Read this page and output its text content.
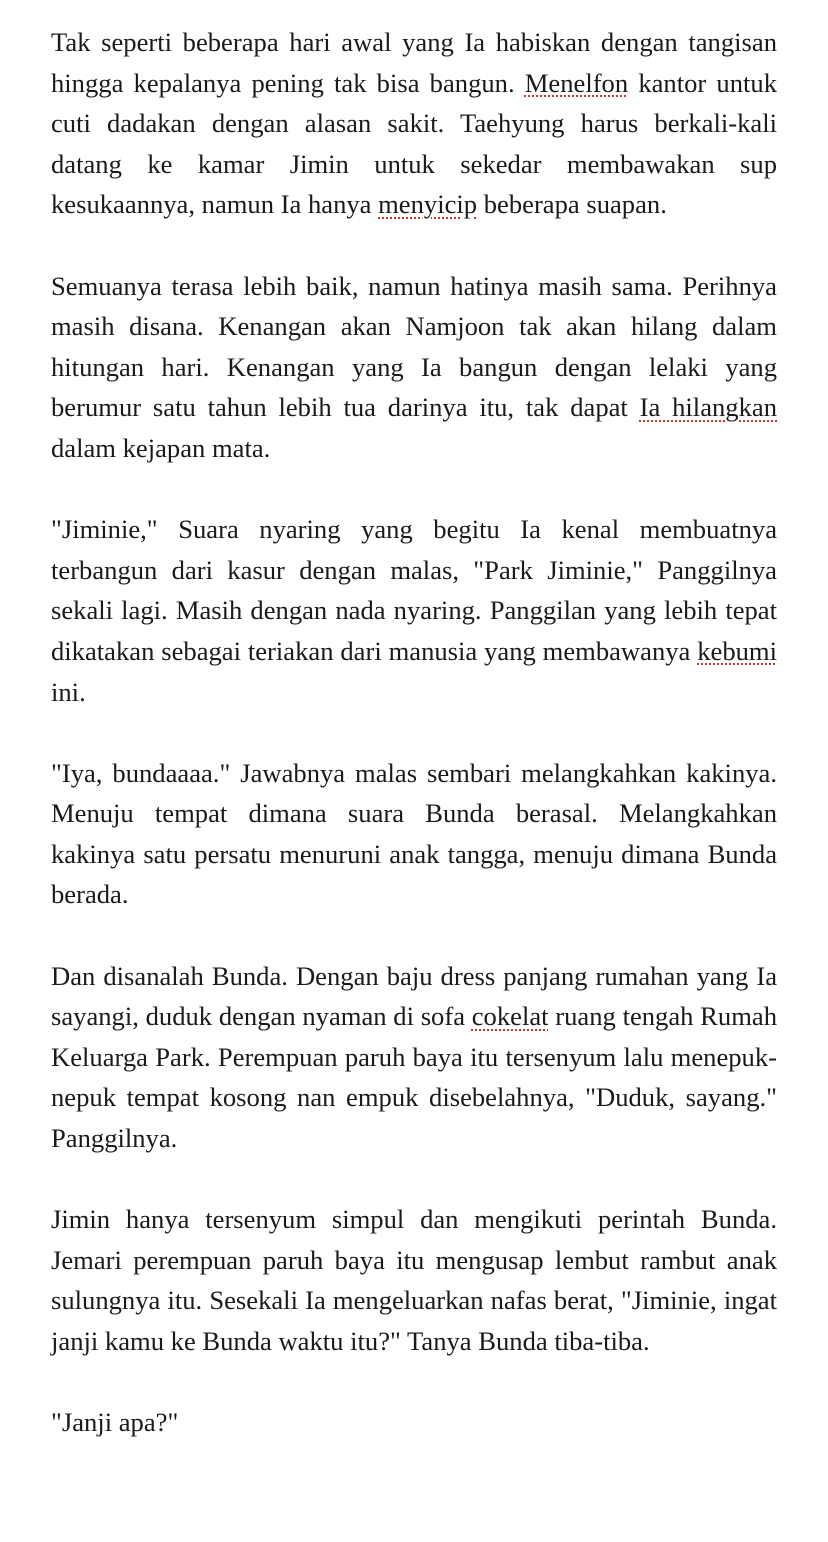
Tak seperti beberapa hari awal yang Ia habiskan dengan tangisan hingga kepalanya pening tak bisa bangun. Menelfon kantor untuk cuti dadakan dengan alasan sakit. Taehyung harus berkali-kali datang ke kamar Jimin untuk sekedar membawakan sup kesukaannya, namun Ia hanya menyicip beberapa suapan.

Semuanya terasa lebih baik, namun hatinya masih sama. Perihnya masih disana. Kenangan akan Namjoon tak akan hilang dalam hitungan hari. Kenangan yang Ia bangun dengan lelaki yang berumur satu tahun lebih tua darinya itu, tak dapat Ia hilangkan dalam kejapan mata.

"Jiminie," Suara nyaring yang begitu Ia kenal membuatnya terbangun dari kasur dengan malas, "Park Jiminie," Panggilnya sekali lagi. Masih dengan nada nyaring. Panggilan yang lebih tepat dikatakan sebagai teriakan dari manusia yang membawanya kebumi ini.

"Iya, bundaaaa." Jawabnya malas sembari melangkahkan kakinya. Menuju tempat dimana suara Bunda berasal. Melangkahkan kakinya satu persatu menuruni anak tangga, menuju dimana Bunda berada.

Dan disanalah Bunda. Dengan baju dress panjang rumahan yang Ia sayangi, duduk dengan nyaman di sofa cokelat ruang tengah Rumah Keluarga Park. Perempuan paruh baya itu tersenyum lalu menepuk-nepuk tempat kosong nan empuk disebelahnya, "Duduk, sayang." Panggilnya.

Jimin hanya tersenyum simpul dan mengikuti perintah Bunda. Jemari perempuan paruh baya itu mengusap lembut rambut anak sulungnya itu. Sesekali Ia mengeluarkan nafas berat, "Jiminie, ingat janji kamu ke Bunda waktu itu?" Tanya Bunda tiba-tiba.

"Janji apa?"
